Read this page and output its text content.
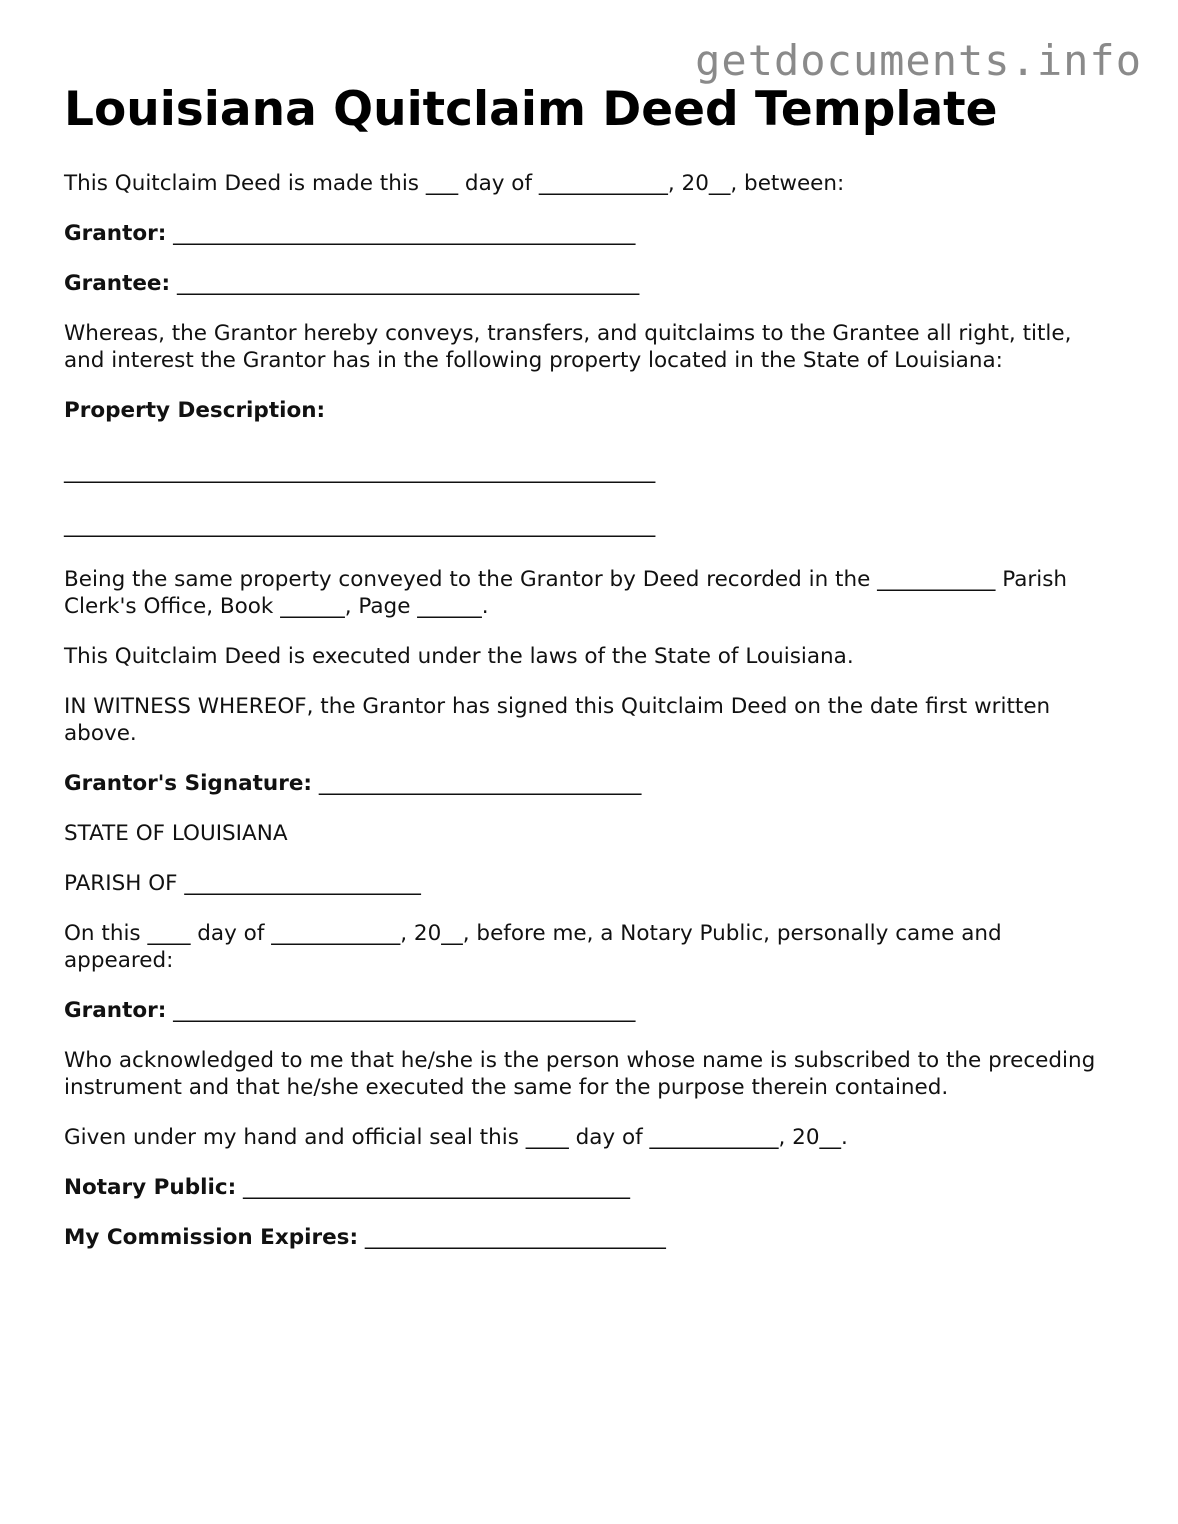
getdocuments.info
Louisiana Quitclaim Deed Template

This Quitclaim Deed is made this ___ day of ____________, 20__, between:

Grantor: ___________________________________________

Grantee: ___________________________________________

Whereas, the Grantor hereby conveys, transfers, and quitclaims to the Grantee all right, title, and interest the Grantor has in the following property located in the State of Louisiana:

Property Description:

_______________________________________________________

_______________________________________________________

Being the same property conveyed to the Grantor by Deed recorded in the ___________ Parish Clerk's Office, Book ______, Page ______.

This Quitclaim Deed is executed under the laws of the State of Louisiana.

IN WITNESS WHEREOF, the Grantor has signed this Quitclaim Deed on the date first written above.

Grantor's Signature: ______________________________

STATE OF LOUISIANA

PARISH OF ______________________

On this ____ day of ____________, 20__, before me, a Notary Public, personally came and appeared:

Grantor: ___________________________________________

Who acknowledged to me that he/she is the person whose name is subscribed to the preceding instrument and that he/she executed the same for the purpose therein contained.

Given under my hand and official seal this ____ day of ____________, 20__.

Notary Public: ____________________________________

My Commission Expires: ____________________________
